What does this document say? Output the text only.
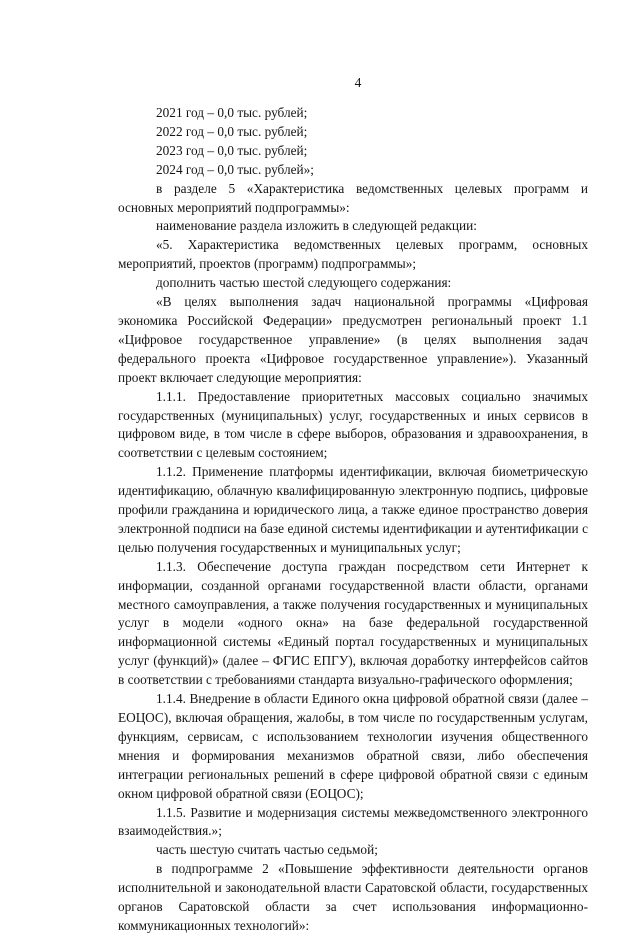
4

2021 год – 0,0 тыс. рублей;

2022 год – 0,0 тыс. рублей;

2023 год – 0,0 тыс. рублей;

2024 год – 0,0 тыс. рублей»;

в разделе 5 «Характеристика ведомственных целевых программ и основных мероприятий подпрограммы»:

наименование раздела изложить в следующей редакции:

«5. Характеристика ведомственных целевых программ, основных мероприятий, проектов (программ) подпрограммы»;

дополнить частью шестой следующего содержания:

«В целях выполнения задач национальной программы «Цифровая экономика Российской Федерации» предусмотрен региональный проект 1.1 «Цифровое государственное управление» (в целях выполнения задач федерального проекта «Цифровое государственное управление»). Указанный проект включает следующие мероприятия:

1.1.1. Предоставление приоритетных массовых социально значимых государственных (муниципальных) услуг, государственных и иных сервисов в цифровом виде, в том числе в сфере выборов, образования и здравоохранения, в соответствии с целевым состоянием;

1.1.2. Применение платформы идентификации, включая биометрическую идентификацию, облачную квалифицированную электронную подпись, цифровые профили гражданина и юридического лица, а также единое пространство доверия электронной подписи на базе единой системы идентификации и аутентификации с целью получения государственных и муниципальных услуг;

1.1.3. Обеспечение доступа граждан посредством сети Интернет к информации, созданной органами государственной власти области, органами местного самоуправления, а также получения государственных и муниципальных услуг в модели «одного окна» на базе федеральной государственной информационной системы «Единый портал государственных и муниципальных услуг (функций)» (далее – ФГИС ЕПГУ), включая доработку интерфейсов сайтов в соответствии с требованиями стандарта визуально-графического оформления;

1.1.4. Внедрение в области Единого окна цифровой обратной связи (далее – ЕОЦОС), включая обращения, жалобы, в том числе по государственным услугам, функциям, сервисам, с использованием технологии изучения общественного мнения и формирования механизмов обратной связи, либо обеспечения интеграции региональных решений в сфере цифровой обратной связи с единым окном цифровой обратной связи (ЕОЦОС);

1.1.5. Развитие и модернизация системы межведомственного электронного взаимодействия.»;

часть шестую считать частью седьмой;

в подпрограмме 2 «Повышение эффективности деятельности органов исполнительной и законодательной власти Саратовской области, государственных органов Саратовской области за счет использования информационно-коммуникационных технологий»:
